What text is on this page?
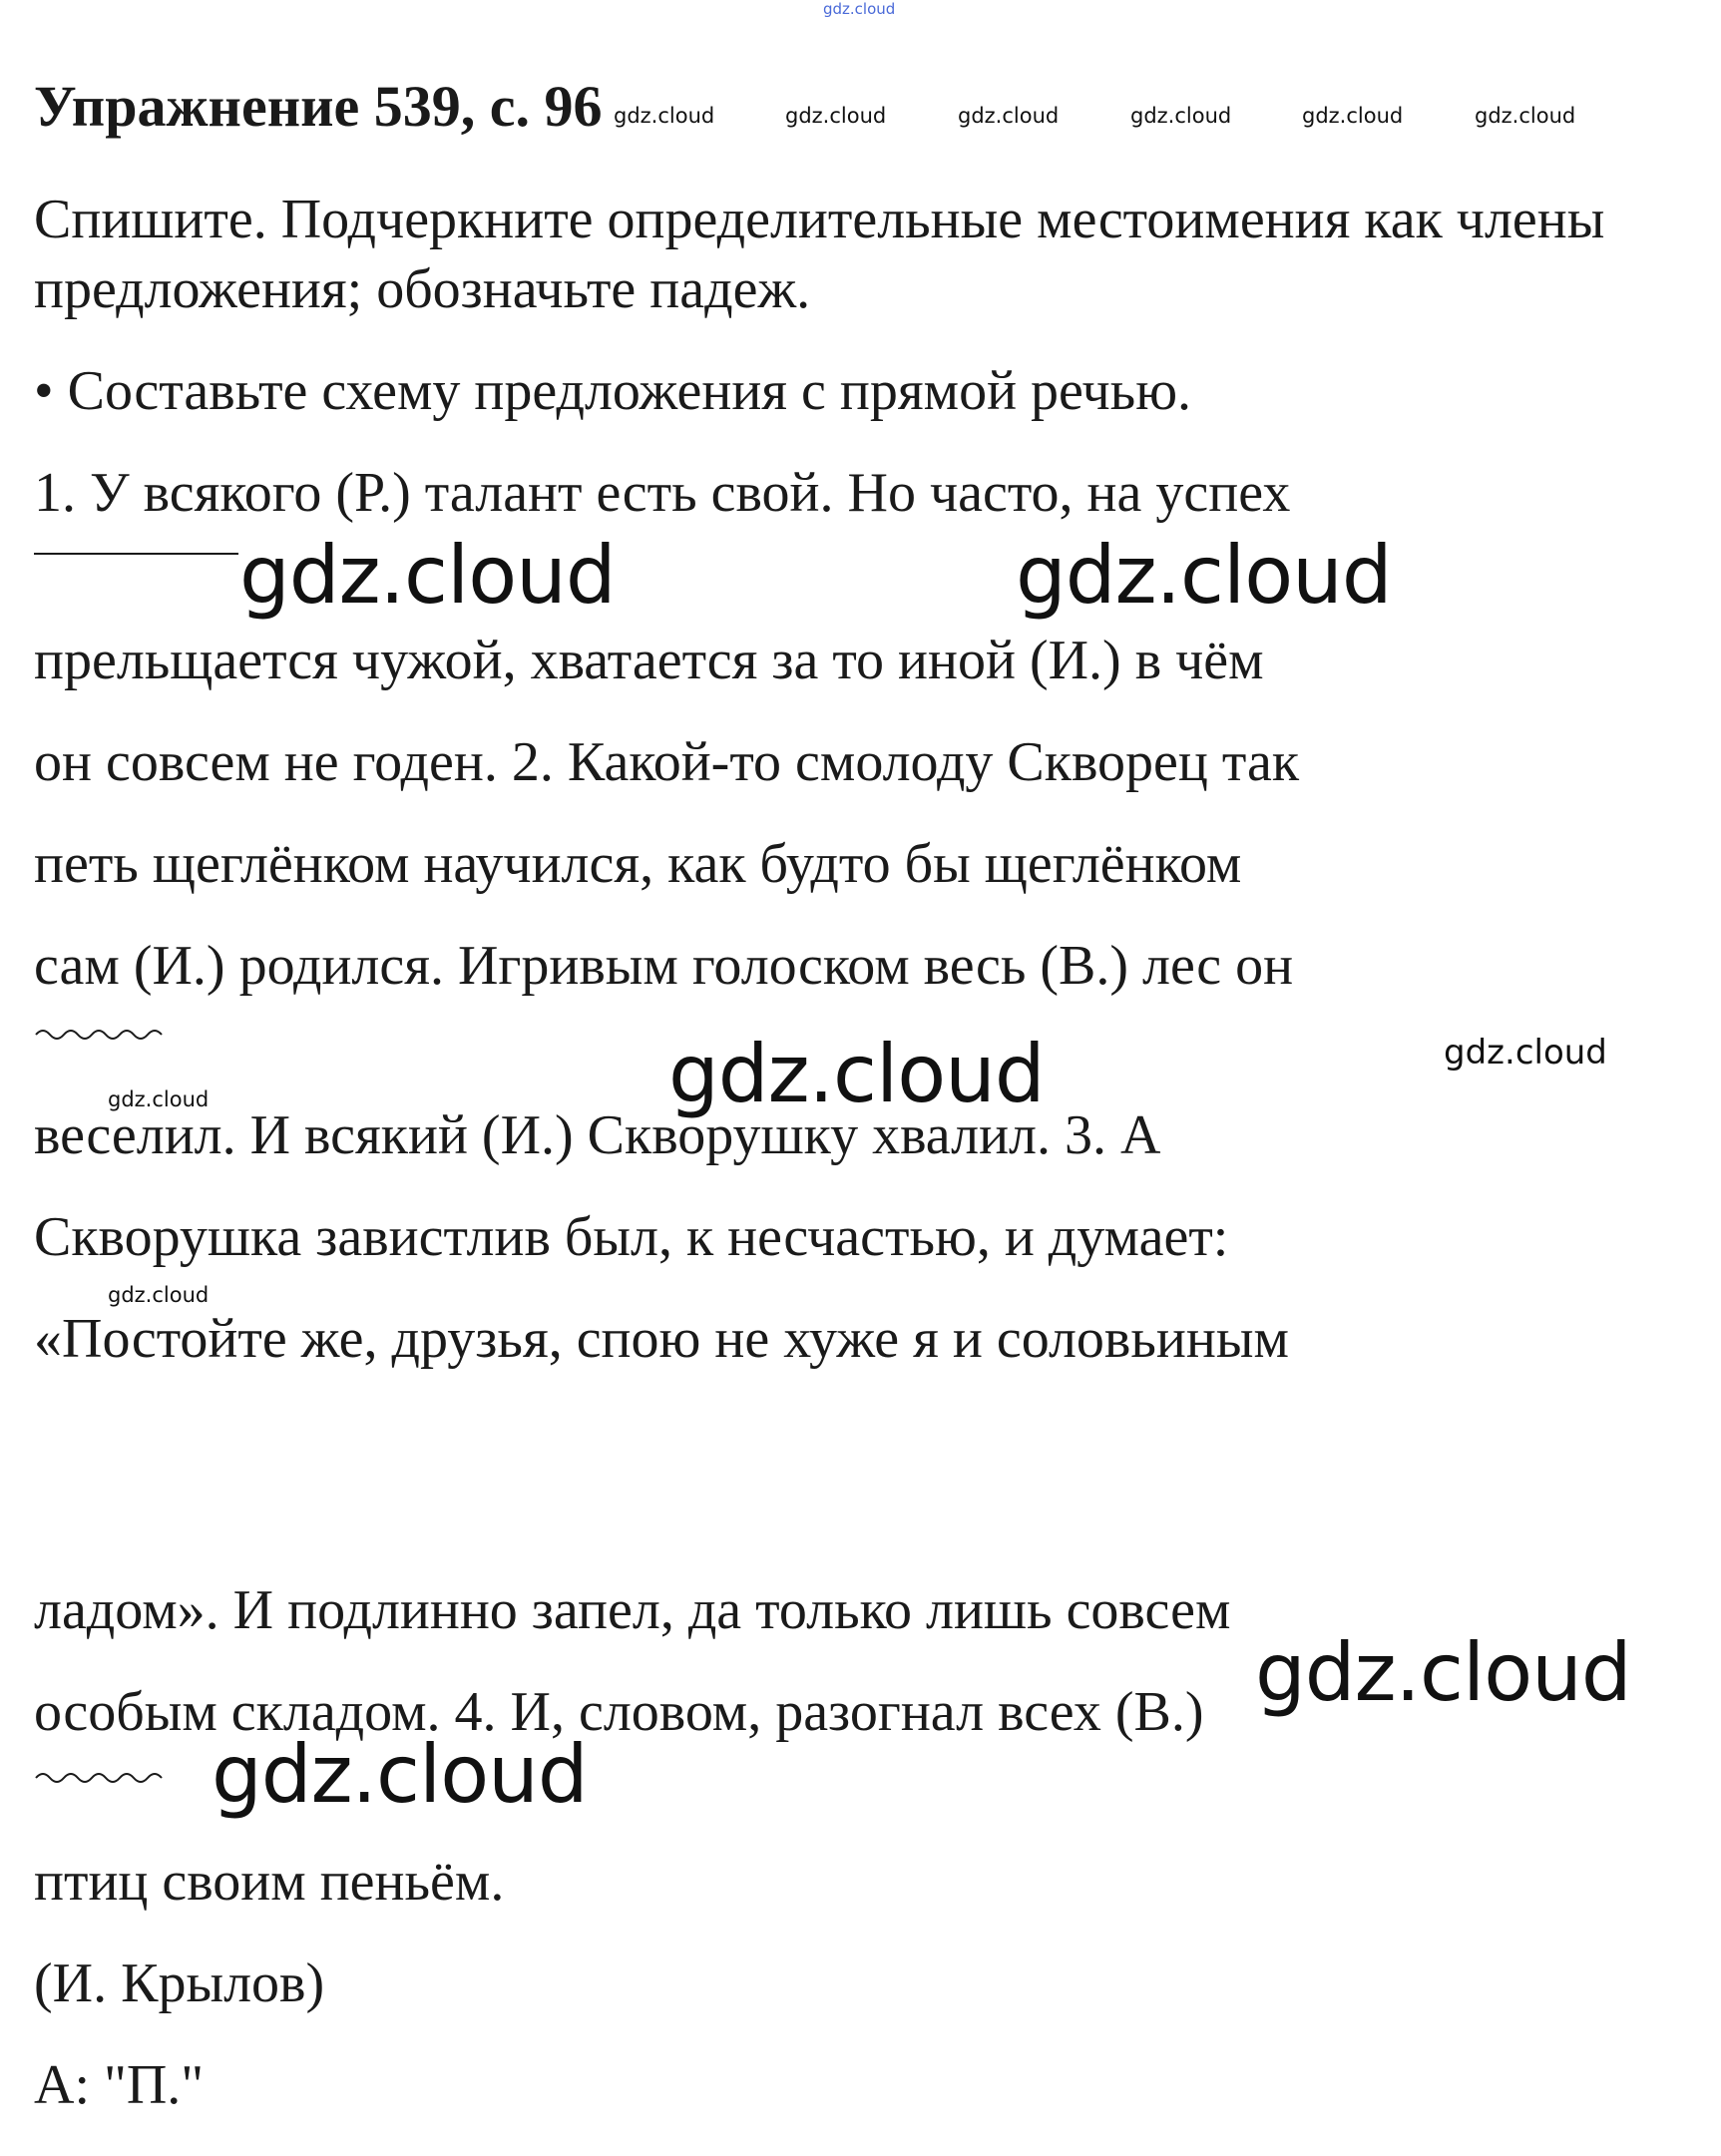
gdz.cloud
Упражнение 539, с. 96 gdz.cloud	gdz.cloud	gdz.cloud	gdz.cloud	gdz.cloud	gdz.cloud
Спишите. Подчеркните определительные местоимения как члены
предложения; обозначьте падеж.
• Составьте схему предложения с прямой речью.
1. У всякого (Р.) талант есть свой. Но часто, на успех
gdz.cloud	gdz.cloud
прельщается чужой, хватается за то иной (И.) в чём
он совсем не годен. 2. Какой-то смолоду Скворец так
петь щеглёнком научился, как будто бы щеглёнком
сам (И.) родился. Игривым голоском весь (В.) лес он
gdz.cloud	gdz.cloud
gdz.cloud
веселил. И всякий (И.) Скворушку хвалил. 3. А
Скворушка завистлив был, к несчастью, и думает:
gdz.cloud
«Постойте же, друзья, спою не хуже я и соловьиным
ладом». И подлинно запел, да только лишь совсем
gdz.cloud
особым складом. 4. И, словом, разогнал всех (В.)
gdz.cloud
птиц своим пеньём.
(И. Крылов)
А: "П."
